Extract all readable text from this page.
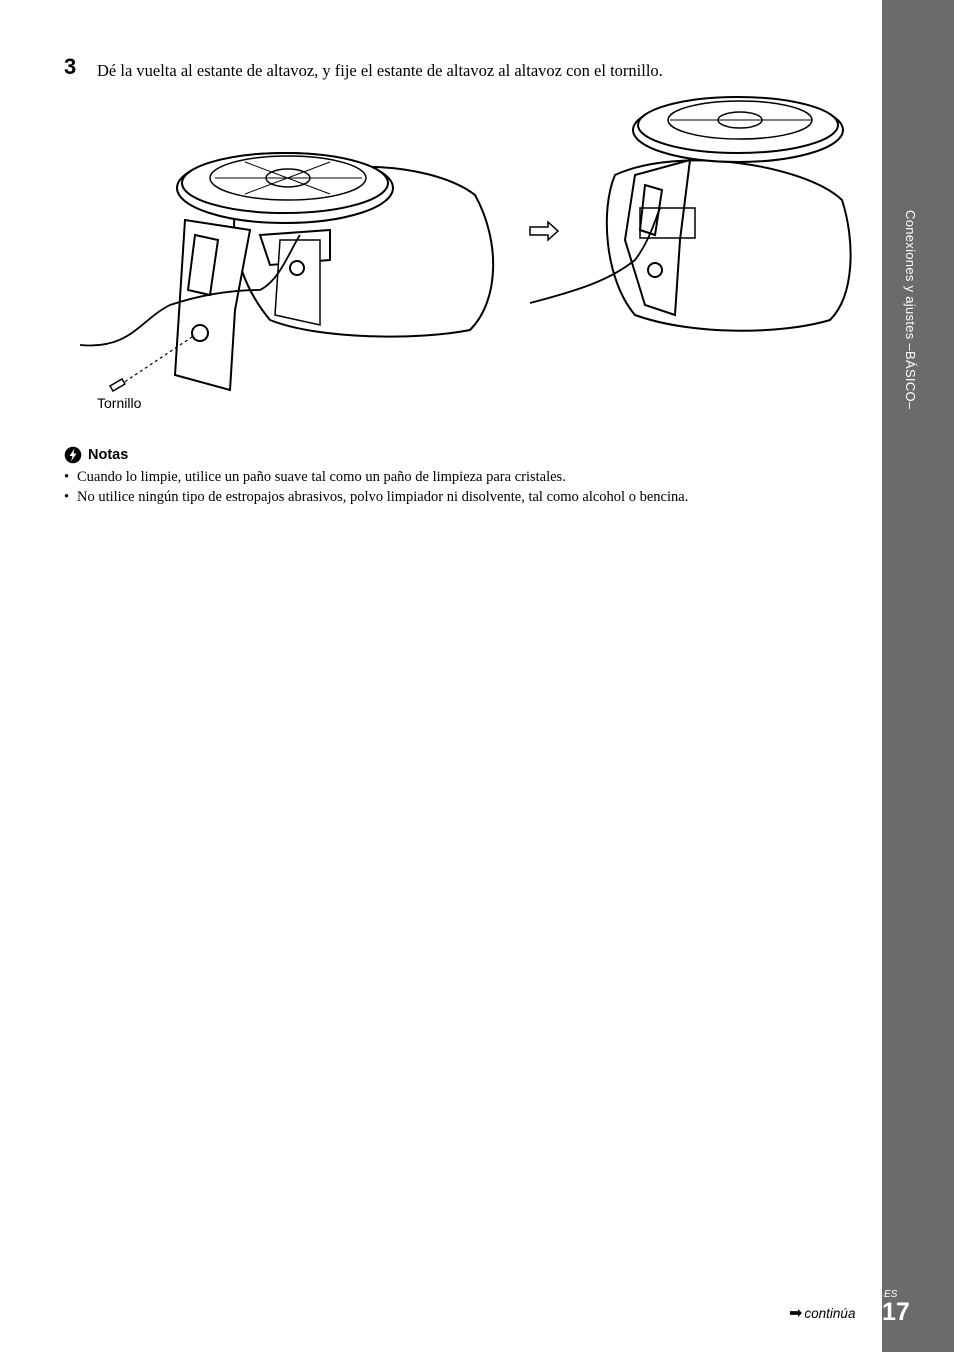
Conexiones y ajustes –BÁSICO–
3 Dé la vuelta al estante de altavoz, y fije el estante de altavoz al altavoz con el tornillo.
Tornillo
Notas
• Cuando lo limpie, utilice un paño suave tal como un paño de limpieza para cristales.
• No utilice ningún tipo de estropajos abrasivos, polvo limpiador ni disolvente, tal como alcohol o bencina.
➡ continúa
ES
17
